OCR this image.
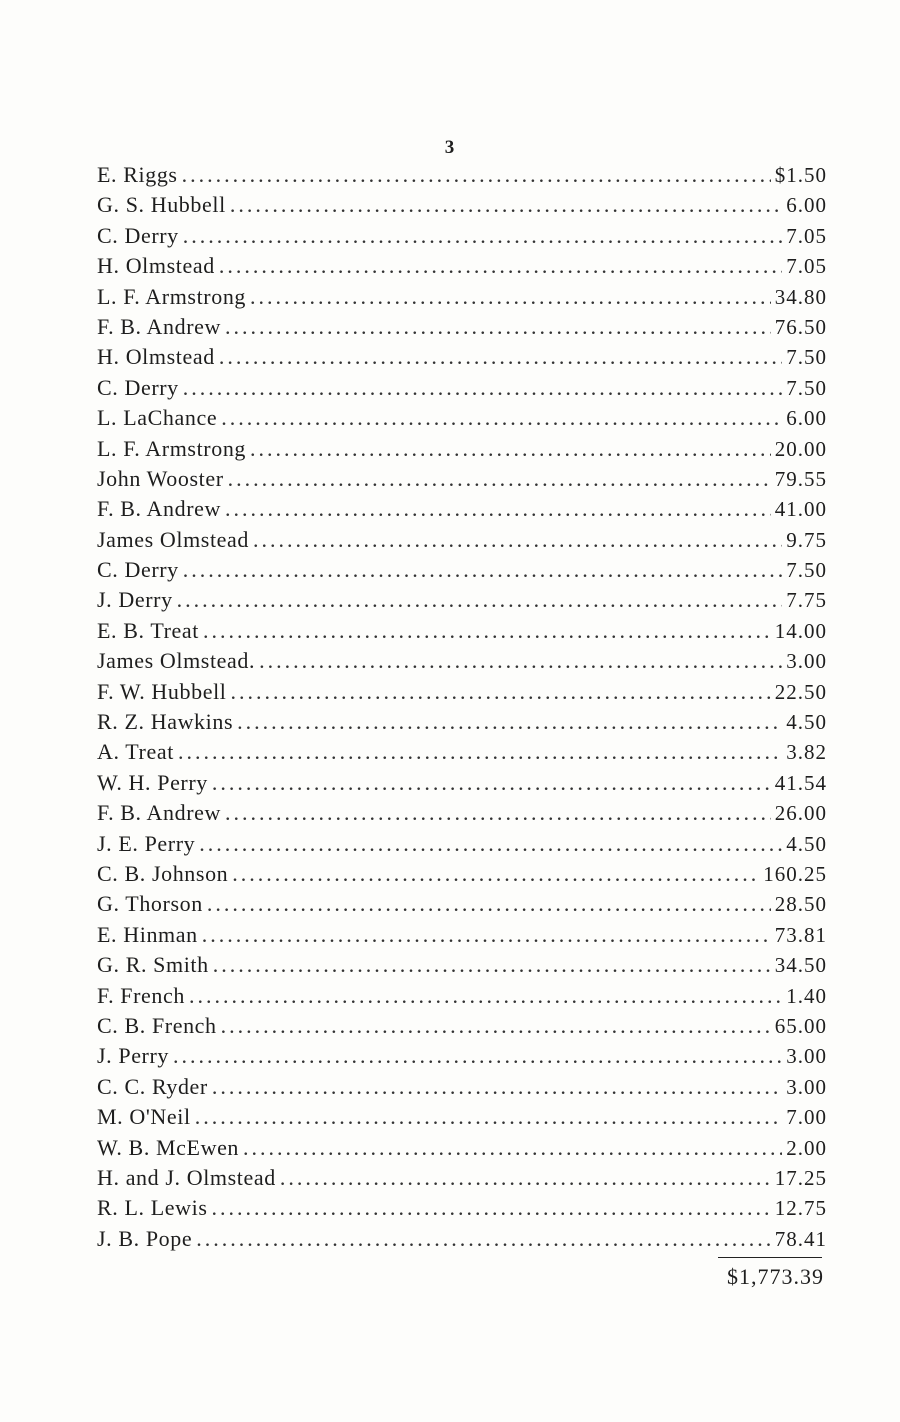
3
E. Riggs .....	$1.50
G. S. Hubbell .....	6.00
C. Derry .....	7.05
H. Olmstead .....	7.05
L. F. Armstrong .....	34.80
F. B. Andrew .....	76.50
H. Olmstead .....	7.50
C. Derry .....	7.50
L. LaChance .....	6.00
L. F. Armstrong .....	20.00
John Wooster .....	79.55
F. B. Andrew .....	41.00
James Olmstead .....	9.75
C. Derry .....	7.50
J. Derry .....	7.75
E. B. Treat .....	14.00
James Olmstead. .....	3.00
F. W. Hubbell .....	22.50
R. Z. Hawkins .....	4.50
A. Treat .....	3.82
W. H. Perry .....	41.54
F. B. Andrew .....	26.00
J. E. Perry .....	4.50
C. B. Johnson .....	160.25
G. Thorson .....	28.50
E. Hinman .....	73.81
G. R. Smith .....	34.50
F. French .....	1.40
C. B. French .....	65.00
J. Perry .....	3.00
C. C. Ryder .....	3.00
M. O'Neil .....	7.00
W. B. McEwen .....	2.00
H. and J. Olmstead .....	17.25
R. L. Lewis .....	12.75
J. B. Pope .....	78.41
$1,773.39
